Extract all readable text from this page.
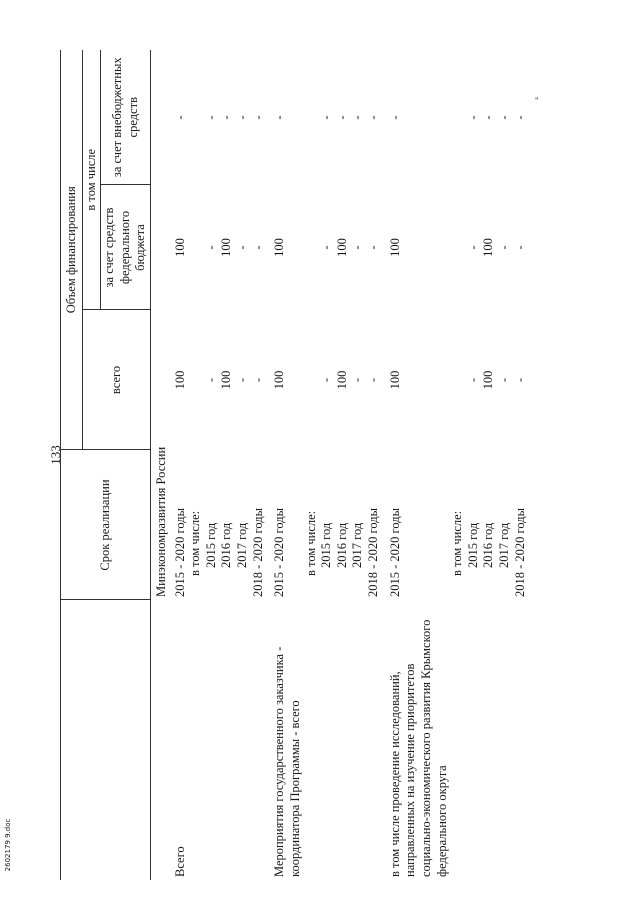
133
2602179 9.doc
"
	Срок реализации	Объем финансирования		
		всего	в том числе	
			за счет средств федерального бюджета	за счет внебюджетных средств
	Минэкономразвития России			
Всего	2015 - 2020 годы	100	100	-
	в том числе:			
	2015 год	-	-	-
	2016 год	100	100	-
	2017 год	-	-	-
	2018 - 2020 годы	-	-	-

Мероприятия государственного заказчика - координатора Программы - всего	2015 - 2020 годы	100	100	-
	в том числе:			
	2015 год	-	-	-
	2016 год	100	100	-
	2017 год	-	-	-
	2018 - 2020 годы	-	-	-

в том числе проведение исследований, направленных на изучение приоритетов социально-экономического развития Крымского федерального округа	2015 - 2020 годы	100	100	-
	в том числе:			
	2015 год	-	-	-
	2016 год	100	100	-
	2017 год	-	-	-
	2018 - 2020 годы	-	-	-
